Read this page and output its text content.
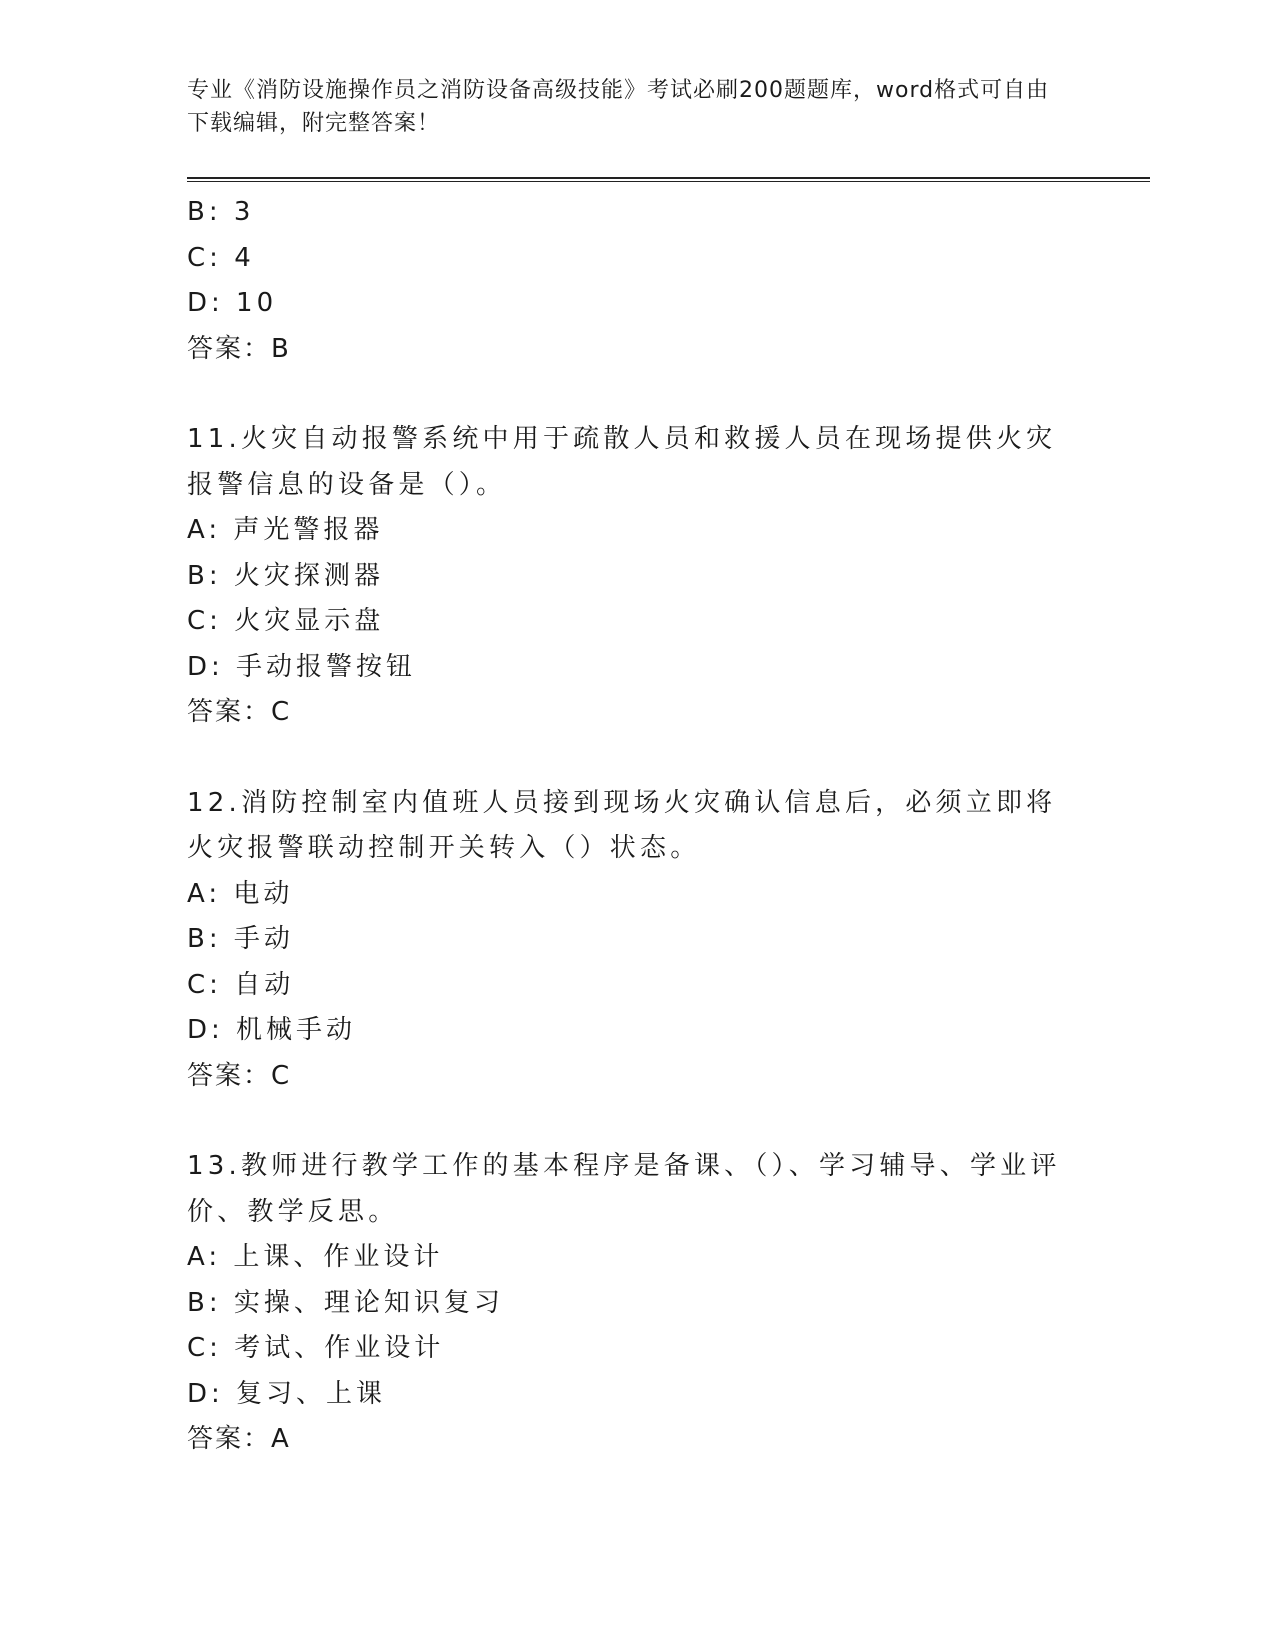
专业《消防设施操作员之消防设备高级技能》考试必刷200题题库，word格式可自由下载编辑，附完整答案！
B: 3
C: 4
D: 10
答案：B
11.火灾自动报警系统中用于疏散人员和救援人员在现场提供火灾报警信息的设备是（）。
A: 声光警报器
B: 火灾探测器
C: 火灾显示盘
D: 手动报警按钮
答案：C
12.消防控制室内值班人员接到现场火灾确认信息后，必须立即将火灾报警联动控制开关转入（）状态。
A: 电动
B: 手动
C: 自动
D: 机械手动
答案：C
13.教师进行教学工作的基本程序是备课、（）、学习辅导、学业评价、教学反思。
A: 上课、作业设计
B: 实操、理论知识复习
C: 考试、作业设计
D: 复习、上课
答案：A
